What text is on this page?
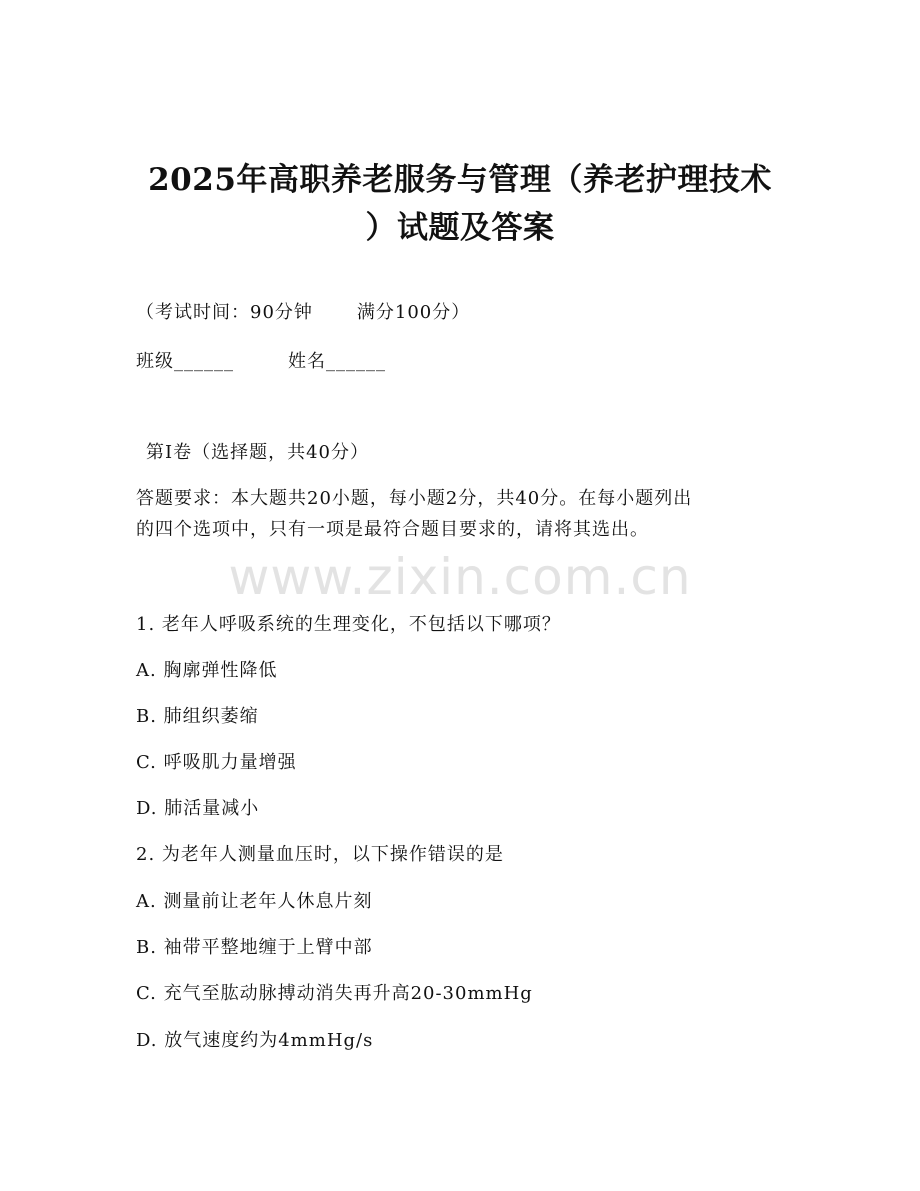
2025年高职养老服务与管理（养老护理技术
）试题及答案
（考试时间：90分钟 满分100分）
班级______	姓名______
第I卷（选择题，共40分）
答题要求：本大题共20小题，每小题2分，共40分。在每小题列出
的四个选项中，只有一项是最符合题目要求的，请将其选出。
www.zixin.com.cn
1. 老年人呼吸系统的生理变化，不包括以下哪项？
A. 胸廓弹性降低
B. 肺组织萎缩
C. 呼吸肌力量增强
D. 肺活量减小
2. 为老年人测量血压时，以下操作错误的是
A. 测量前让老年人休息片刻
B. 袖带平整地缠于上臂中部
C. 充气至肱动脉搏动消失再升高20-30mmHg
D. 放气速度约为4mmHg/s
